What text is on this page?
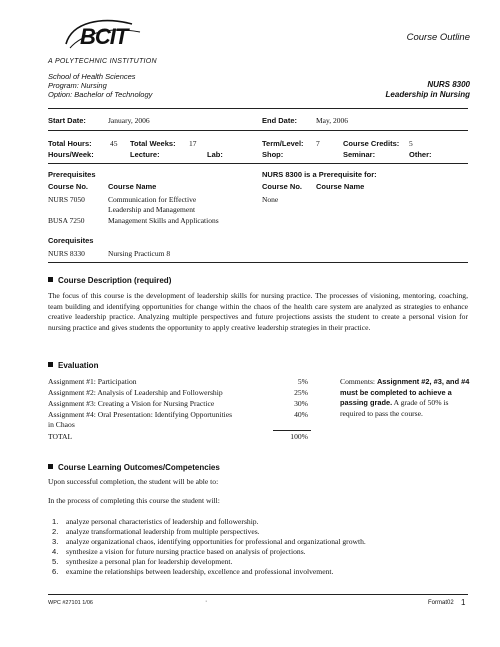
BCIT
A POLYTECHNIC INSTITUTION
Course Outline
School of Health Sciences
Program: Nursing
Option: Bachelor of Technology
NURS 8300
Leadership in Nursing
Start Date:	January, 2006	End Date:	May, 2006
Total Hours: 45 Total Weeks: 17	Term/Level: 7	Course Credits: 5
Hours/Week:	Lecture:	Lab:	Shop:	Seminar:	Other:
Prerequisites
Course No.	Course Name
NURS 7050	Communication for Effective
Leadership and Management
BUSA 7250	Management Skills and Applications
NURS 8300 is a Prerequisite for:
Course No. Course Name
None
Corequisites
NURS 8330	Nursing Practicum 8
Course Description (required)
The focus of this course is the development of leadership skills for nursing practice. The processes of visioning, mentoring, coaching, team building and identifying opportunities for change within the chaos of the health care system are analyzed as strategies to enhance creative leadership practice. Analyzing multiple perspectives and future projections assists the student to create a personal vision for nursing practice and gives students the opportunity to apply creative leadership strategies in their practice.
Evaluation
Assignment #1: Participation	5%
Assignment #2: Analysis of Leadership and Followership	25%
Assignment #3: Creating a Vision for Nursing Practice	30%
Assignment #4: Oral Presentation: Identifying Opportunities	40%
in Chaos
TOTAL	100%
Comments: Assignment #2, #3, and #4 must be completed to achieve a passing grade. A grade of 50% is required to pass the course.
Course Learning Outcomes/Competencies
Upon successful completion, the student will be able to:
In the process of completing this course the student will:
1. analyze personal characteristics of leadership and followership.
2. analyze transformational leadership from multiple perspectives.
3. analyze organizational chaos, identifying opportunities for professional and organizational growth.
4. synthesize a vision for future nursing practice based on analysis of projections.
5. synthesize a personal plan for leadership development.
6. examine the relationships between leadership, excellence and professional involvement.
WPC #27101 1/06	·	Format02 1
